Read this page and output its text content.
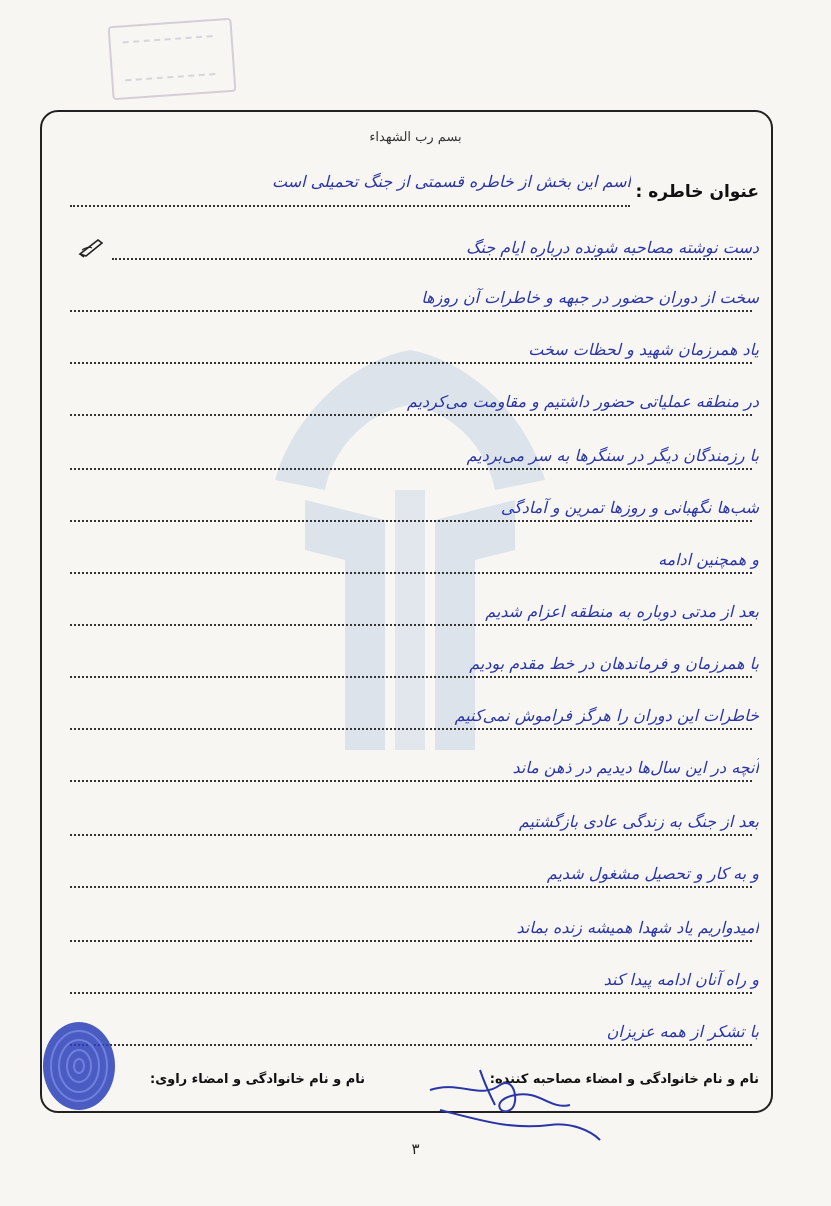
بسم رب الشهداء
عنوان خاطره :
اسم این بخش از خاطره قسمتی از جنگ تحمیلی است
دست نوشته مصاحبه شونده درباره ایام جنگ
سخت از دوران حضور در جبهه و خاطرات آن روزها
یاد همرزمان شهید و لحظات سخت
در منطقه عملیاتی حضور داشتیم و مقاومت می‌کردیم
با رزمندگان دیگر در سنگرها به سر می‌بردیم
شب‌ها نگهبانی و روزها تمرین و آمادگی
و همچنین ادامه
بعد از مدتی دوباره به منطقه اعزام شدیم
با همرزمان و فرماندهان در خط مقدم بودیم
خاطرات این دوران را هرگز فراموش نمی‌کنیم
آنچه در این سال‌ها دیدیم در ذهن ماند
بعد از جنگ به زندگی عادی بازگشتیم
و به کار و تحصیل مشغول شدیم
امیدواریم یاد شهدا همیشه زنده بماند
و راه آنان ادامه پیدا کند
با تشکر از همه عزیزان
نام و نام خانوادگی و امضاء مصاحبه کننده:
نام و نام خانوادگی و امضاء راوی:
۳
